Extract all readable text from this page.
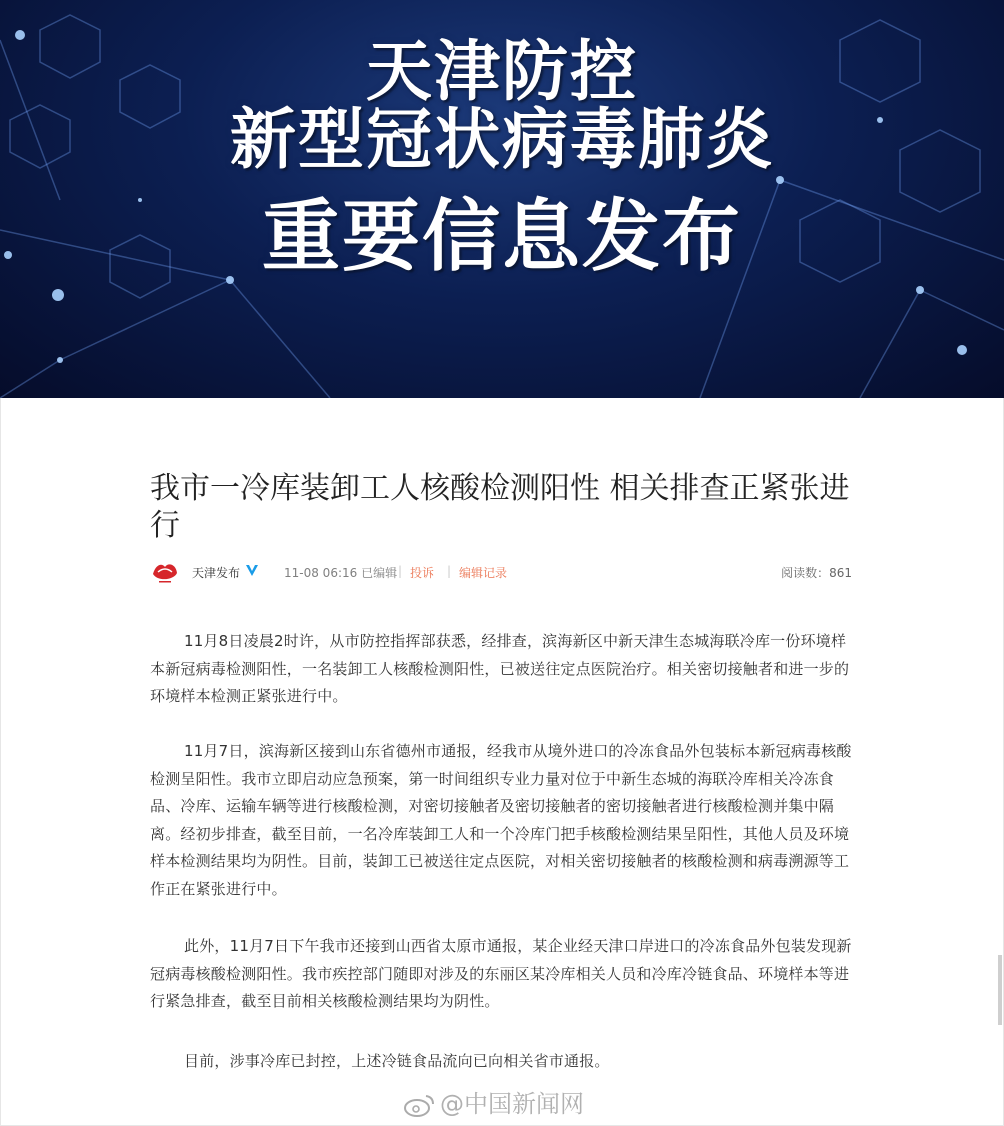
天津防控
新型冠状病毒肺炎
重要信息发布
我市一冷库装卸工人核酸检测阳性 相关排查正紧张进行
天津发布	11-08 06:16 已编辑 | 投诉 | 编辑记录	阅读数：861

11月8日凌晨2时许，从市防控指挥部获悉，经排查，滨海新区中新天津生态城海联冷库一份环境样本新冠病毒检测阳性，一名装卸工人核酸检测阳性，已被送往定点医院治疗。相关密切接触者和进一步的环境样本检测正紧张进行中。

11月7日，滨海新区接到山东省德州市通报，经我市从境外进口的冷冻食品外包装标本新冠病毒核酸检测呈阳性。我市立即启动应急预案，第一时间组织专业力量对位于中新生态城的海联冷库相关冷冻食品、冷库、运输车辆等进行核酸检测，对密切接触者及密切接触者的密切接触者进行核酸检测并集中隔离。经初步排查，截至目前，一名冷库装卸工人和一个冷库门把手核酸检测结果呈阳性，其他人员及环境样本检测结果均为阴性。目前，装卸工已被送往定点医院，对相关密切接触者的核酸检测和病毒溯源等工作正在紧张进行中。

此外，11月7日下午我市还接到山西省太原市通报，某企业经天津口岸进口的冷冻食品外包装发现新冠病毒核酸检测阳性。我市疾控部门随即对涉及的东丽区某冷库相关人员和冷库冷链食品、环境样本等进行紧急排查，截至目前相关核酸检测结果均为阴性。

目前，涉事冷库已封控，上述冷链食品流向已向相关省市通报。

@中国新闻网
